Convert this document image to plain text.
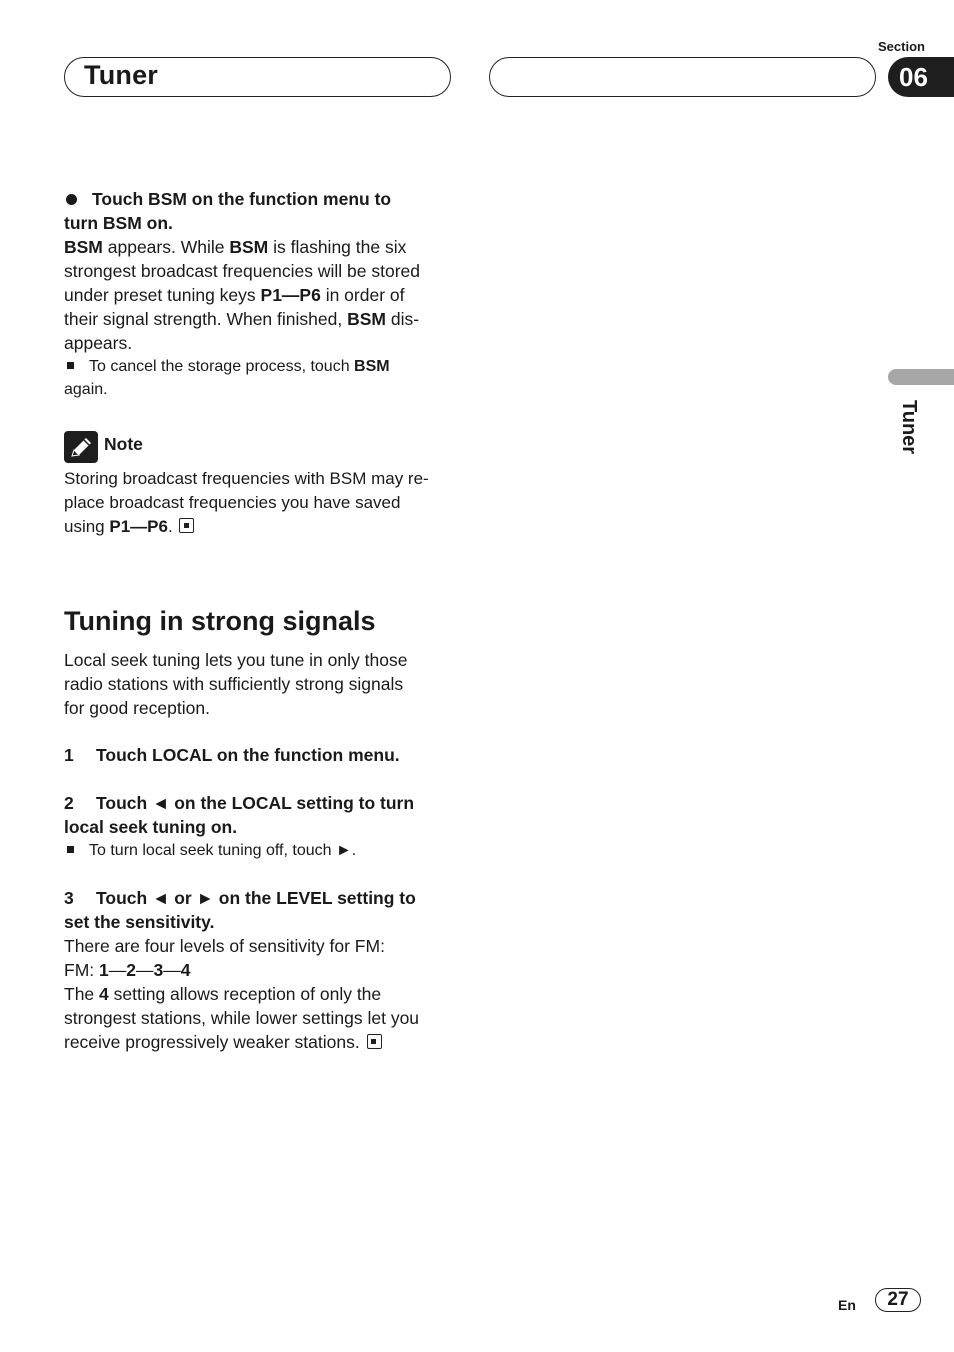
Tuner
Section
06
Tuner

Touch BSM on the function menu to

turn BSM on.

BSM appears. While BSM is flashing the six

strongest broadcast frequencies will be stored

under preset tuning keys P1—P6 in order of

their signal strength. When finished, BSM dis-

appears.

To cancel the storage process, touch BSM

again.

Note

Storing broadcast frequencies with BSM may re-

place broadcast frequencies you have saved

using P1—P6.

Tuning in strong signals

Local seek tuning lets you tune in only those

radio stations with sufficiently strong signals

for good reception.

1 Touch LOCAL on the function menu.

2 Touch ◄ on the LOCAL setting to turn

local seek tuning on.

To turn local seek tuning off, touch ►.

3 Touch ◄ or ► on the LEVEL setting to

set the sensitivity.

There are four levels of sensitivity for FM:

FM: 1—2—3—4

The 4 setting allows reception of only the

strongest stations, while lower settings let you

receive progressively weaker stations.

En	27
